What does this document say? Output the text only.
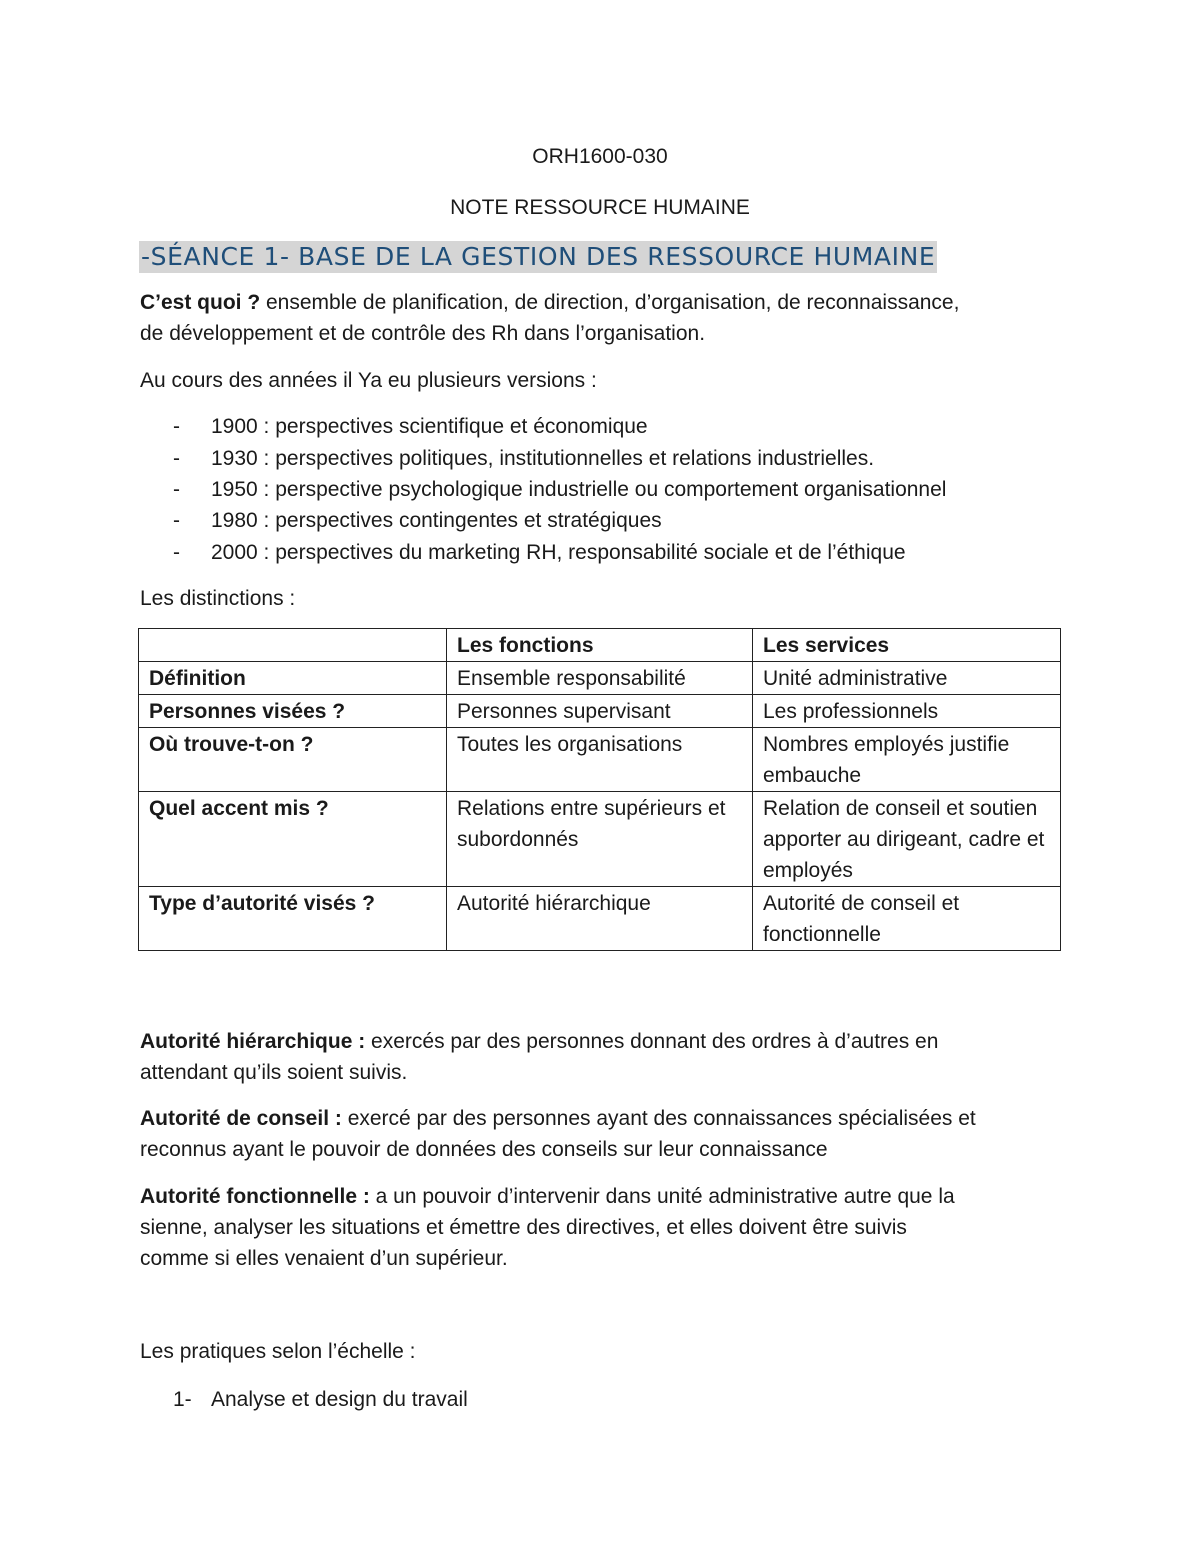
ORH1600-030
NOTE RESSOURCE HUMAINE
-SÉANCE 1- BASE DE LA GESTION DES RESSOURCE HUMAINE
C’est quoi ? ensemble de planification, de direction, d’organisation, de reconnaissance,
de développement et de contrôle des Rh dans l’organisation.
Au cours des années il Ya eu plusieurs versions :
- 1900 : perspectives scientifique et économique
- 1930 : perspectives politiques, institutionnelles et relations industrielles.
- 1950 : perspective psychologique industrielle ou comportement organisationnel
- 1980 : perspectives contingentes et stratégiques
- 2000 : perspectives du marketing RH, responsabilité sociale et de l’éthique
Les distinctions :
	Les fonctions	Les services
Définition	Ensemble responsabilité	Unité administrative
Personnes visées ?	Personnes supervisant	Les professionnels
Où trouve-t-on ?	Toutes les organisations	Nombres employés justifie embauche
Quel accent mis ?	Relations entre supérieurs et subordonnés	Relation de conseil et soutien apporter au dirigeant, cadre et employés
Type d’autorité visés ?	Autorité hiérarchique	Autorité de conseil et fonctionnelle
Autorité hiérarchique : exercés par des personnes donnant des ordres à d’autres en
attendant qu’ils soient suivis.
Autorité de conseil : exercé par des personnes ayant des connaissances spécialisées et
reconnus ayant le pouvoir de données des conseils sur leur connaissance
Autorité fonctionnelle : a un pouvoir d’intervenir dans unité administrative autre que la
sienne, analyser les situations et émettre des directives, et elles doivent être suivis
comme si elles venaient d’un supérieur.
Les pratiques selon l’échelle :
1- Analyse et design du travail
